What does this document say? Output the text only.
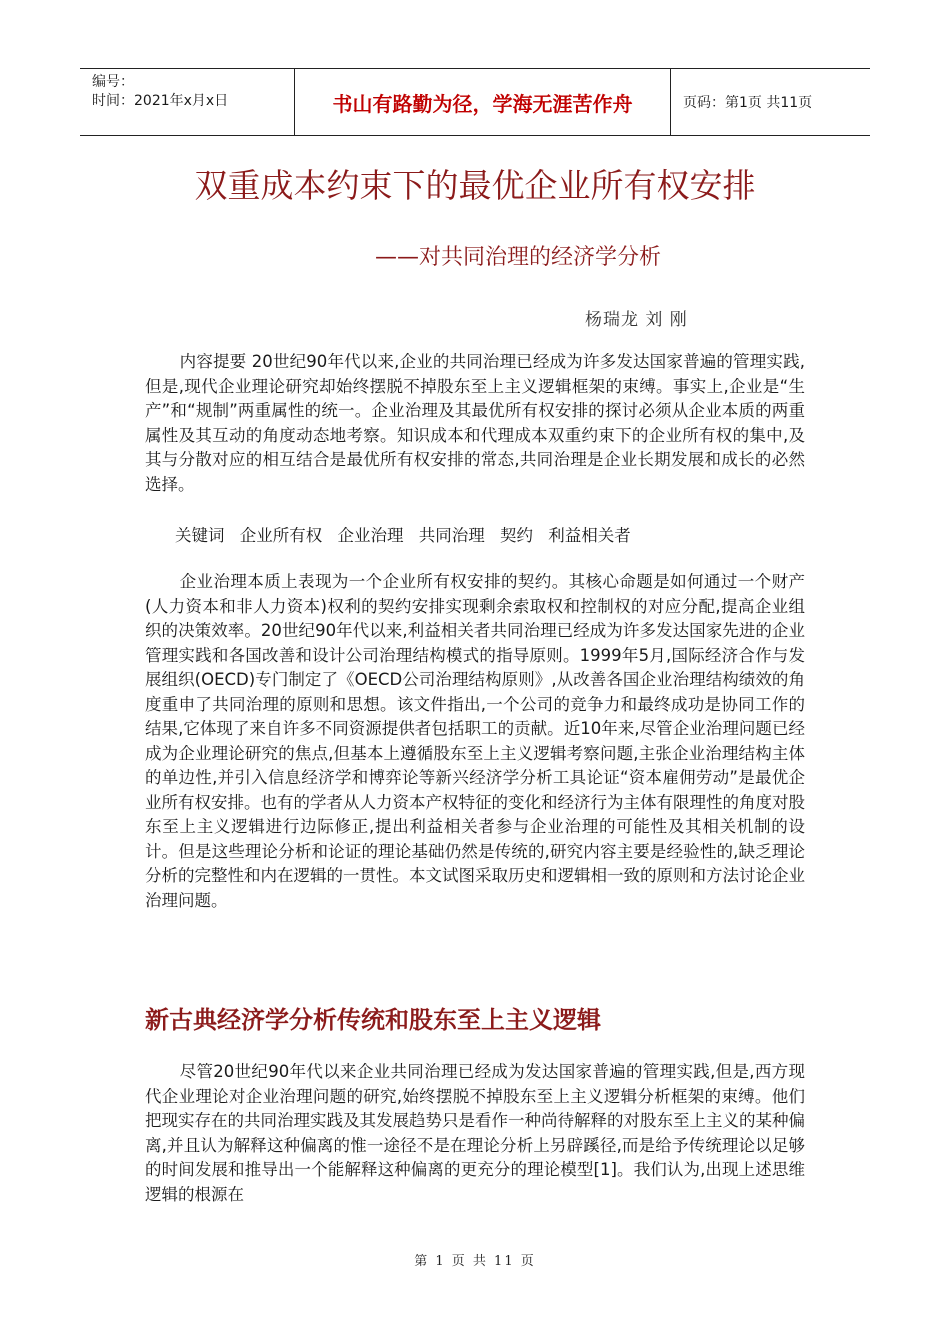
编号：
时间：2021年x月x日	书山有路勤为径，学海无涯苦作舟	页码：第1页 共11页
双重成本约束下的最优企业所有权安排
——对共同治理的经济学分析
杨瑞龙 刘 刚

内容提要 20世纪90年代以来,企业的共同治理已经成为许多发达国家普遍的管理实践,但是,现代企业理论研究却始终摆脱不掉股东至上主义逻辑框架的束缚。事实上,企业是“生产”和“规制”两重属性的统一。企业治理及其最优所有权安排的探讨必须从企业本质的两重属性及其互动的角度动态地考察。知识成本和代理成本双重约束下的企业所有权的集中,及其与分散对应的相互结合是最优所有权安排的常态,共同治理是企业长期发展和成长的必然选择。

关键词 企业所有权 企业治理 共同治理 契约 利益相关者

企业治理本质上表现为一个企业所有权安排的契约。其核心命题是如何通过一个财产(人力资本和非人力资本)权利的契约安排实现剩余索取权和控制权的对应分配,提高企业组织的决策效率。20世纪90年代以来,利益相关者共同治理已经成为许多发达国家先进的企业管理实践和各国改善和设计公司治理结构模式的指导原则。1999年5月,国际经济合作与发展组织(OECD)专门制定了《OECD公司治理结构原则》,从改善各国企业治理结构绩效的角度重申了共同治理的原则和思想。该文件指出,一个公司的竞争力和最终成功是协同工作的结果,它体现了来自许多不同资源提供者包括职工的贡献。近10年来,尽管企业治理问题已经成为企业理论研究的焦点,但基本上遵循股东至上主义逻辑考察问题,主张企业治理结构主体的单边性,并引入信息经济学和博弈论等新兴经济学分析工具论证“资本雇佣劳动”是最优企业所有权安排。也有的学者从人力资本产权特征的变化和经济行为主体有限理性的角度对股东至上主义逻辑进行边际修正,提出利益相关者参与企业治理的可能性及其相关机制的设计。但是这些理论分析和论证的理论基础仍然是传统的,研究内容主要是经验性的,缺乏理论分析的完整性和内在逻辑的一贯性。本文试图采取历史和逻辑相一致的原则和方法讨论企业治理问题。

新古典经济学分析传统和股东至上主义逻辑

尽管20世纪90年代以来企业共同治理已经成为发达国家普遍的管理实践,但是,西方现代企业理论对企业治理问题的研究,始终摆脱不掉股东至上主义逻辑分析框架的束缚。他们把现实存在的共同治理实践及其发展趋势只是看作一种尚待解释的对股东至上主义的某种偏离,并且认为解释这种偏离的惟一途径不是在理论分析上另辟蹊径,而是给予传统理论以足够的时间发展和推导出一个能解释这种偏离的更充分的理论模型[1]。我们认为,出现上述思维逻辑的根源在

第 1 页 共 11 页
